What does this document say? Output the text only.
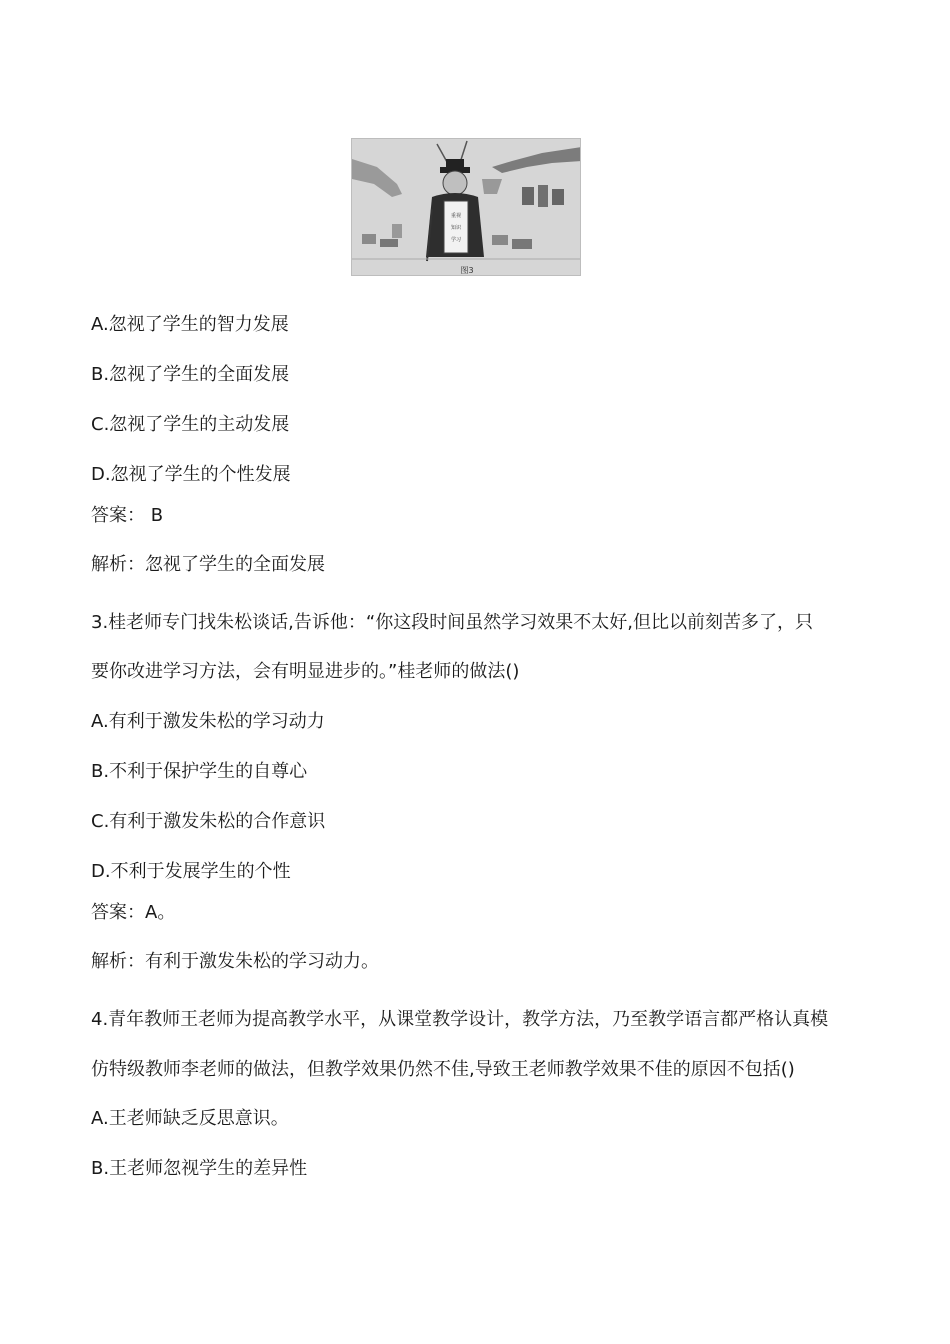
重视
知识
学习
图3
A.忽视了学生的智力发展
B.忽视了学生的全面发展
C.忽视了学生的主动发展
D.忽视了学生的个性发展
答案： B
解析：忽视了学生的全面发展
3.桂老师专门找朱松谈话,告诉他：“你这段时间虽然学习效果不太好,但比以前刻苦多了，只
要你改进学习方法，会有明显进步的。”桂老师的做法()
A.有利于激发朱松的学习动力
B.不利于保护学生的自尊心
C.有利于激发朱松的合作意识
D.不利于发展学生的个性
答案：A。
解析：有利于激发朱松的学习动力。
4.青年教师王老师为提高教学水平，从课堂教学设计，教学方法，乃至教学语言都严格认真模
仿特级教师李老师的做法，但教学效果仍然不佳,导致王老师教学效果不佳的原因不包括()
A.王老师缺乏反思意识。
B.王老师忽视学生的差异性
